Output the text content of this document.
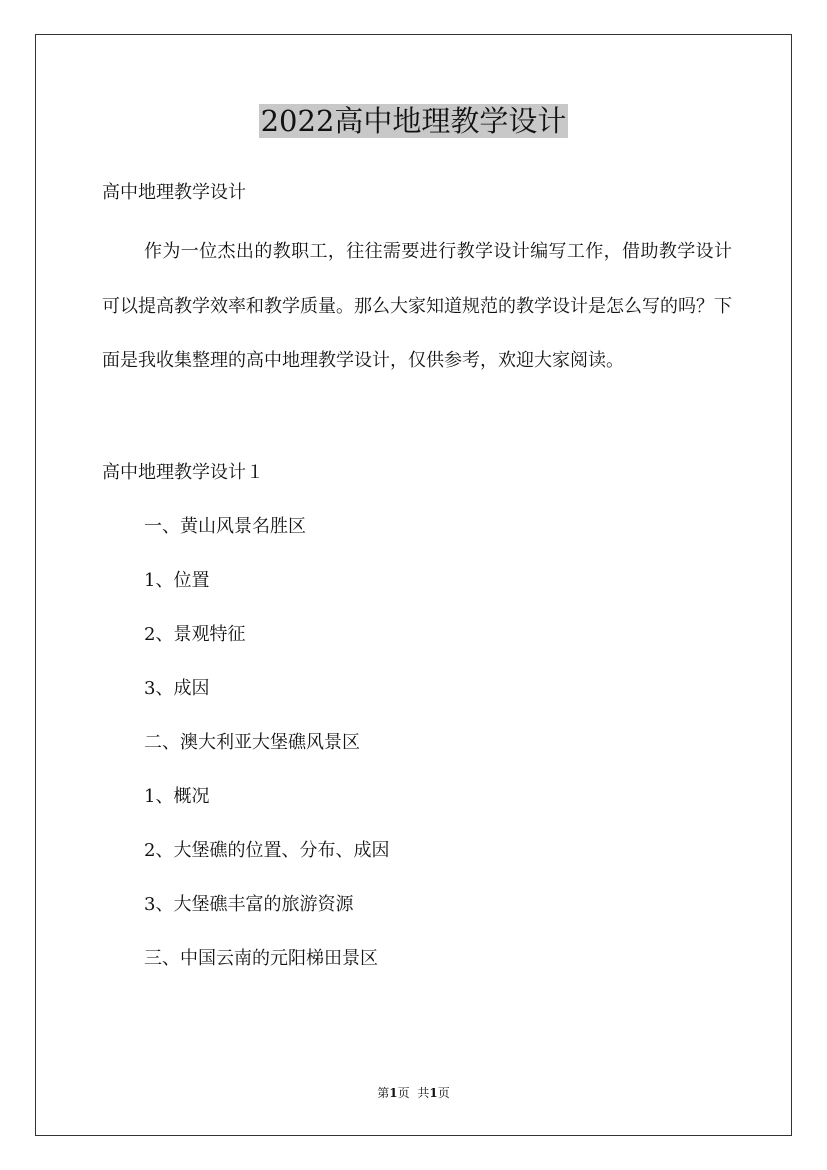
2022高中地理教学设计

高中地理教学设计

作为一位杰出的教职工，往往需要进行教学设计编写工作，借助教学设计可以提高教学效率和教学质量。那么大家知道规范的教学设计是怎么写的吗？下面是我收集整理的高中地理教学设计，仅供参考，欢迎大家阅读。

高中地理教学设计１

一、黄山风景名胜区
1、位置
2、景观特征
3、成因
二、澳大利亚大堡礁风景区
1、概况
2、大堡礁的位置、分布、成因
3、大堡礁丰富的旅游资源
三、中国云南的元阳梯田景区
第1页 共1页
